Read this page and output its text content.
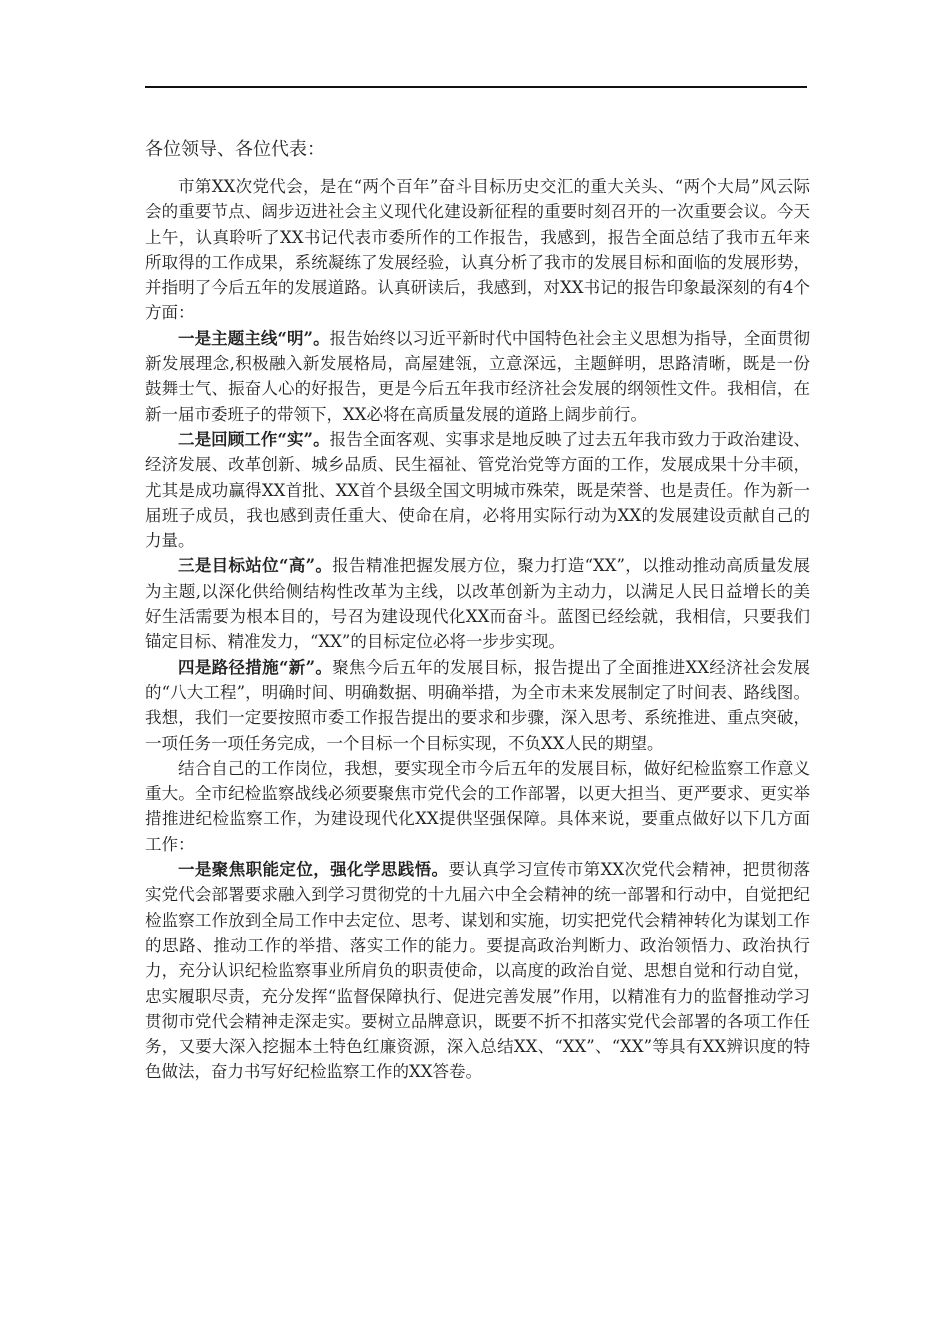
各位领导、各位代表：

市第XX次党代会，是在“两个百年”奋斗目标历史交汇的重大关头、“两个大局”风云际会的重要节点、阔步迈进社会主义现代化建设新征程的重要时刻召开的一次重要会议。今天上午，认真聆听了XX书记代表市委所作的工作报告，我感到，报告全面总结了我市五年来所取得的工作成果，系统凝练了发展经验，认真分析了我市的发展目标和面临的发展形势，并指明了今后五年的发展道路。认真研读后，我感到，对XX书记的报告印象最深刻的有4个方面：

一是主题主线“明”。报告始终以习近平新时代中国特色社会主义思想为指导，全面贯彻新发展理念,积极融入新发展格局，高屋建瓴，立意深远，主题鲜明，思路清晰，既是一份鼓舞士气、振奋人心的好报告，更是今后五年我市经济社会发展的纲领性文件。我相信，在新一届市委班子的带领下，XX必将在高质量发展的道路上阔步前行。

二是回顾工作“实”。报告全面客观、实事求是地反映了过去五年我市致力于政治建设、经济发展、改革创新、城乡品质、民生福祉、管党治党等方面的工作，发展成果十分丰硕，尤其是成功赢得XX首批、XX首个县级全国文明城市殊荣，既是荣誉、也是责任。作为新一届班子成员，我也感到责任重大、使命在肩，必将用实际行动为XX的发展建设贡献自己的力量。

三是目标站位“高”。报告精准把握发展方位，聚力打造“XX”，以推动推动高质量发展为主题,以深化供给侧结构性改革为主线，以改革创新为主动力，以满足人民日益增长的美好生活需要为根本目的，号召为建设现代化XX而奋斗。蓝图已经绘就，我相信，只要我们锚定目标、精准发力，“XX”的目标定位必将一步步实现。

四是路径措施“新”。聚焦今后五年的发展目标，报告提出了全面推进XX经济社会发展的“八大工程”，明确时间、明确数据、明确举措，为全市未来发展制定了时间表、路线图。我想，我们一定要按照市委工作报告提出的要求和步骤，深入思考、系统推进、重点突破，一项任务一项任务完成，一个目标一个目标实现，不负XX人民的期望。

结合自己的工作岗位，我想，要实现全市今后五年的发展目标，做好纪检监察工作意义重大。全市纪检监察战线必须要聚焦市党代会的工作部署，以更大担当、更严要求、更实举措推进纪检监察工作，为建设现代化XX提供坚强保障。具体来说，要重点做好以下几方面工作：

一是聚焦职能定位，强化学思践悟。要认真学习宣传市第XX次党代会精神，把贯彻落实党代会部署要求融入到学习贯彻党的十九届六中全会精神的统一部署和行动中，自觉把纪检监察工作放到全局工作中去定位、思考、谋划和实施，切实把党代会精神转化为谋划工作的思路、推动工作的举措、落实工作的能力。要提高政治判断力、政治领悟力、政治执行力，充分认识纪检监察事业所肩负的职责使命，以高度的政治自觉、思想自觉和行动自觉，忠实履职尽责，充分发挥“监督保障执行、促进完善发展”作用，以精准有力的监督推动学习贯彻市党代会精神走深走实。要树立品牌意识，既要不折不扣落实党代会部署的各项工作任务，又要大深入挖掘本土特色红廉资源，深入总结XX、“XX”、“XX”等具有XX辨识度的特色做法，奋力书写好纪检监察工作的XX答卷。
